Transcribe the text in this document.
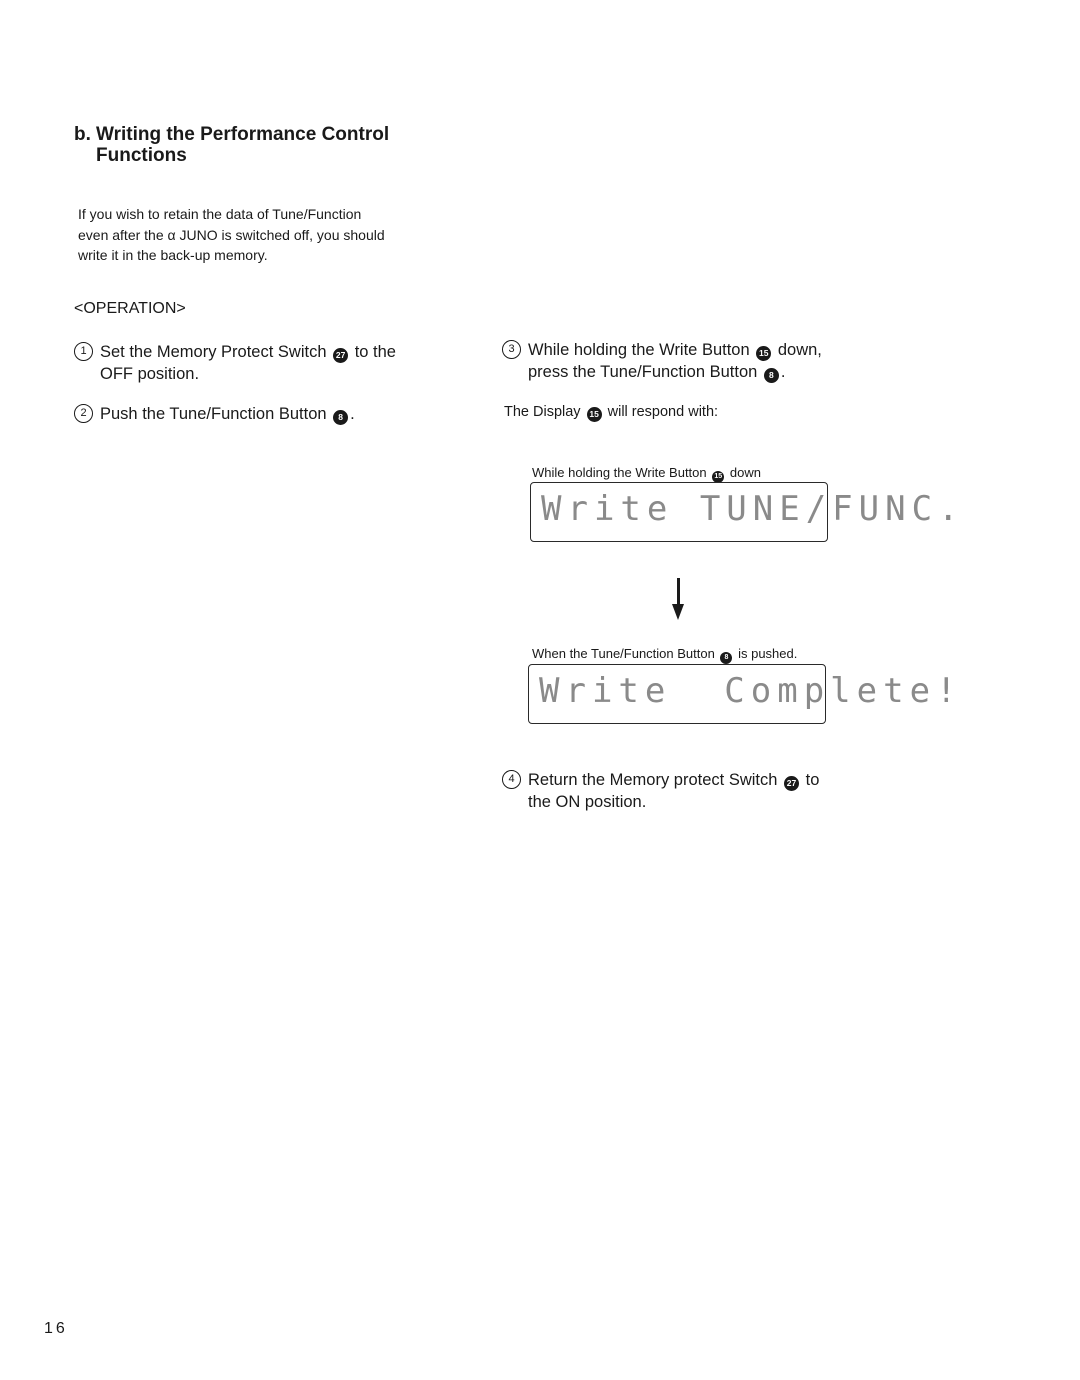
b. Writing the Performance Control
Functions
If you wish to retain the data of Tune/Function
even after the α JUNO is switched off, you should
write it in the back-up memory.

<OPERATION>

1 Set the Memory Protect Switch 27 to the
OFF position.
2 Push the Tune/Function Button 8 .
3 While holding the Write Button 15 down,
press the Tune/Function Button 8 .

The Display 15 will respond with:

While holding the Write Button 15 down

Write TUNE/FUNC.

When the Tune/Function Button 8 is pushed.

Write  Complete!

4 Return the Memory protect Switch 27 to
the ON position.

16
